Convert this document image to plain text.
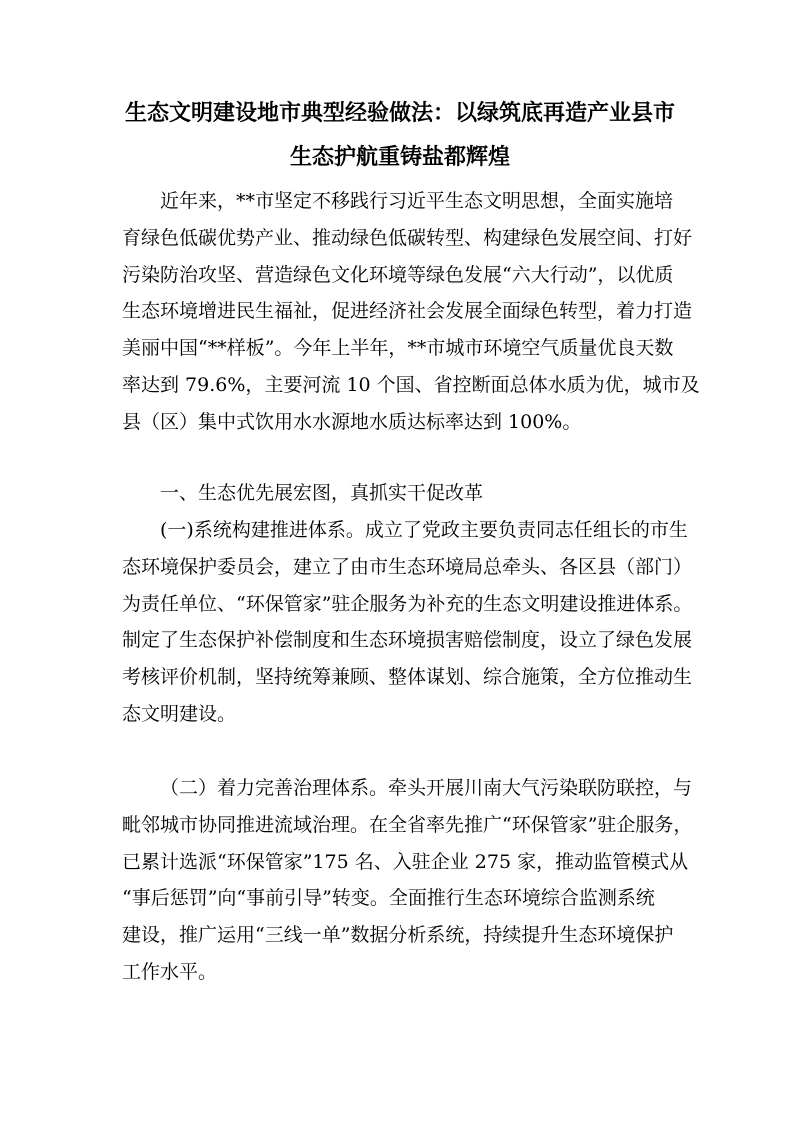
生态文明建设地市典型经验做法：以绿筑底再造产业县市
生态护航重铸盐都辉煌
近年来，**市坚定不移践行习近平生态文明思想，全面实施培
育绿色低碳优势产业、推动绿色低碳转型、构建绿色发展空间、打好
污染防治攻坚、营造绿色文化环境等绿色发展“六大行动”，以优质
生态环境增进民生福祉，促进经济社会发展全面绿色转型，着力打造
美丽中国“**样板”。今年上半年，**市城市环境空气质量优良天数
率达到 79.6%，主要河流 10 个国、省控断面总体水质为优，城市及
县（区）集中式饮用水水源地水质达标率达到 100%。
一、生态优先展宏图，真抓实干促改革
(一)系统构建推进体系。成立了党政主要负责同志任组长的市生
态环境保护委员会，建立了由市生态环境局总牵头、各区县（部门）
为责任单位、“环保管家”驻企服务为补充的生态文明建设推进体系。
制定了生态保护补偿制度和生态环境损害赔偿制度，设立了绿色发展
考核评价机制，坚持统筹兼顾、整体谋划、综合施策，全方位推动生
态文明建设。
（二）着力完善治理体系。牵头开展川南大气污染联防联控，与
毗邻城市协同推进流域治理。在全省率先推广“环保管家”驻企服务，
已累计选派“环保管家”175 名、入驻企业 275 家，推动监管模式从
“事后惩罚”向“事前引导”转变。全面推行生态环境综合监测系统
建设，推广运用“三线一单”数据分析系统，持续提升生态环境保护
工作水平。
